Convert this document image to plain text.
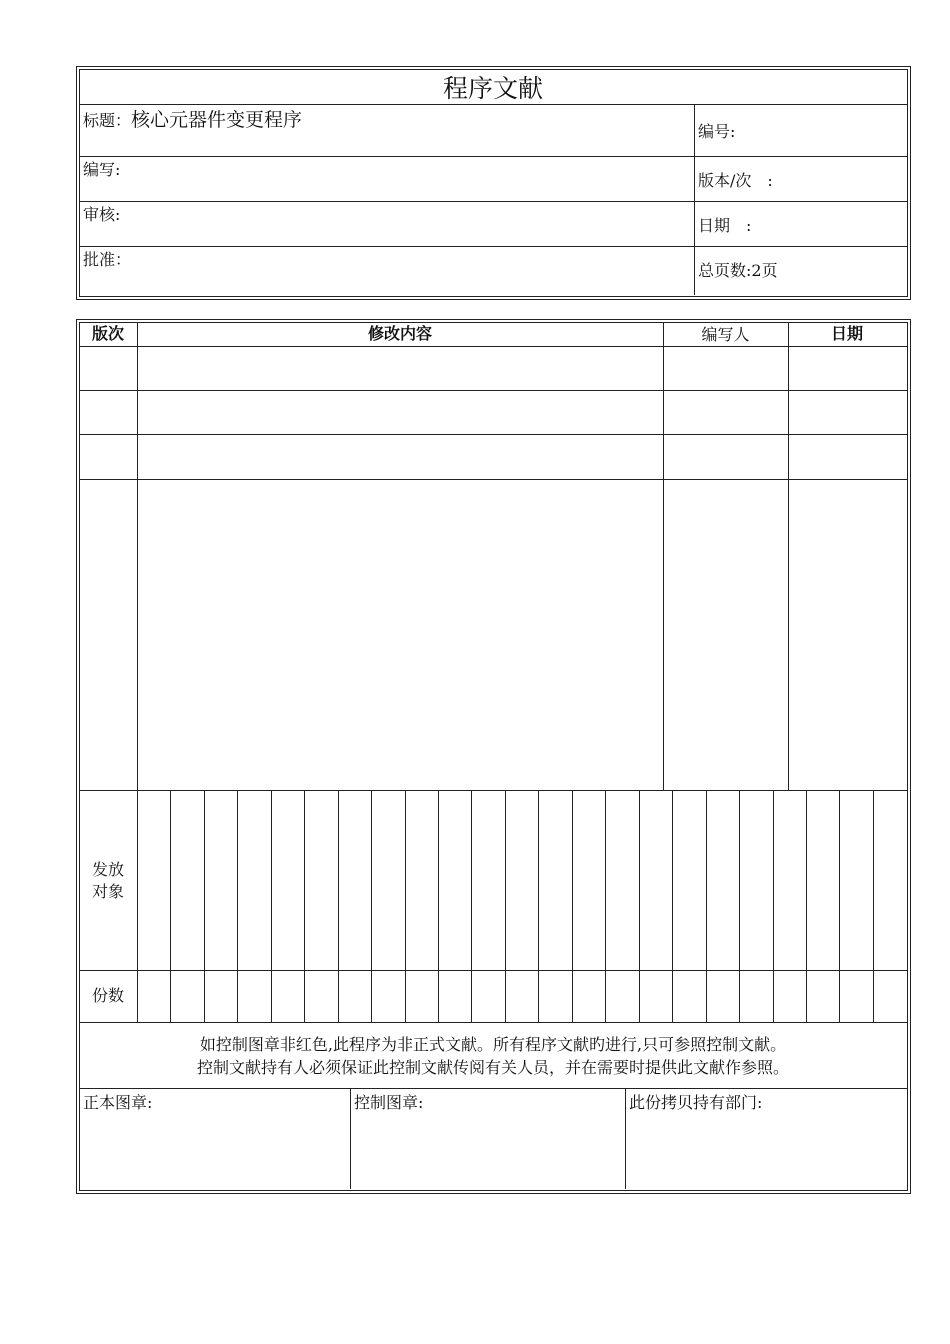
程序文献
标题：核心元器件变更程序
编号:
编写:
版本/次　:
审核:
日期　:
批准：
总页数:2页
版次	修改内容	编写人	日期
发放
对象
份数
如控制图章非红色,此程序为非正式文献。所有程序文献旳进行,只可参照控制文献。
控制文献持有人必须保证此控制文献传阅有关人员，并在需要时提供此文献作参照。
正本图章:	控制图章:	此份拷贝持有部门:
